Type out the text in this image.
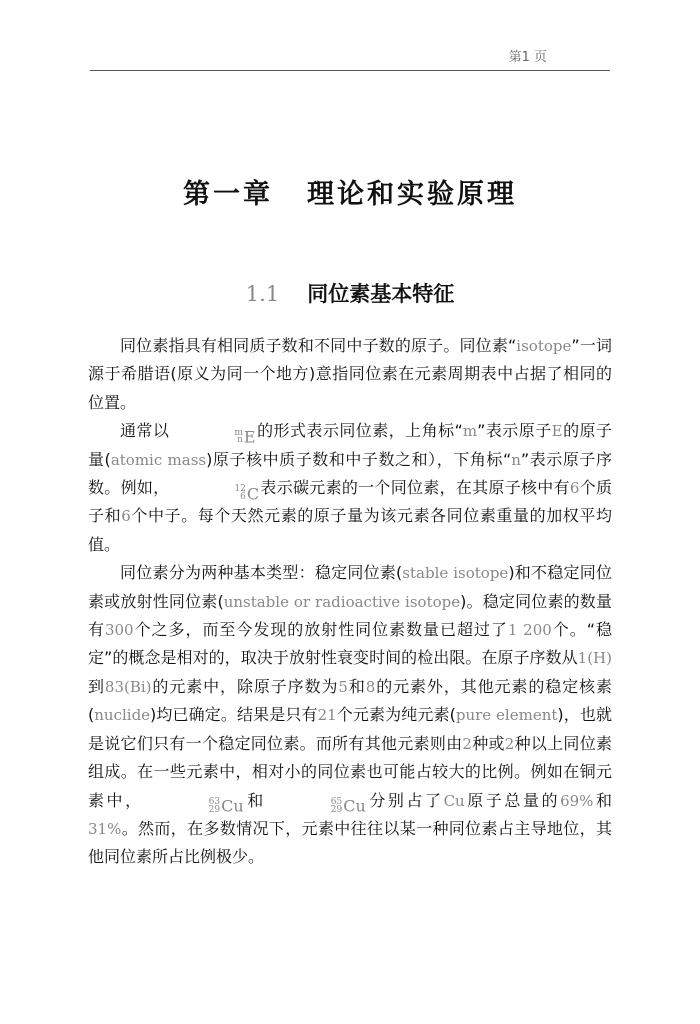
第1 页
第一章 理论和实验原理
1.1 同位素基本特征

同位素指具有相同质子数和不同中子数的原子。同位素“isotope”一词源于希腊语(原义为同一个地方)意指同位素在元素周期表中占据了相同的位置。

通常以	m
nE的形式表示同位素，上角标“m”表示原子E的原子量(atomic mass)原子核中质子数和中子数之和），下角标“n”表示原子序数。例如，	12
6C表示碳元素的一个同位素，在其原子核中有6个质子和6个中子。每个天然元素的原子量为该元素各同位素重量的加权平均值。

同位素分为两种基本类型：稳定同位素(stable isotope)和不稳定同位素或放射性同位素(unstable or radioactive isotope)。稳定同位素的数量有300个之多，而至今发现的放射性同位素数量已超过了1 200个。“稳定”的概念是相对的，取决于放射性衰变时间的检出限。在原子序数从1(H)到83(Bi)的元素中，除原子序数为5和8的元素外，其他元素的稳定核素(nuclide)均已确定。结果是只有21个元素为纯元素(pure element)，也就是说它们只有一个稳定同位素。而所有其他元素则由2种或2种以上同位素组成。在一些元素中，相对小的同位素也可能占较大的比例。例如在铜元素中，	63
29Cu和	65
29Cu分别占了Cu原子总量的69%和31%。然而，在多数情况下，元素中往往以某一种同位素占主导地位，其他同位素所占比例极少。
